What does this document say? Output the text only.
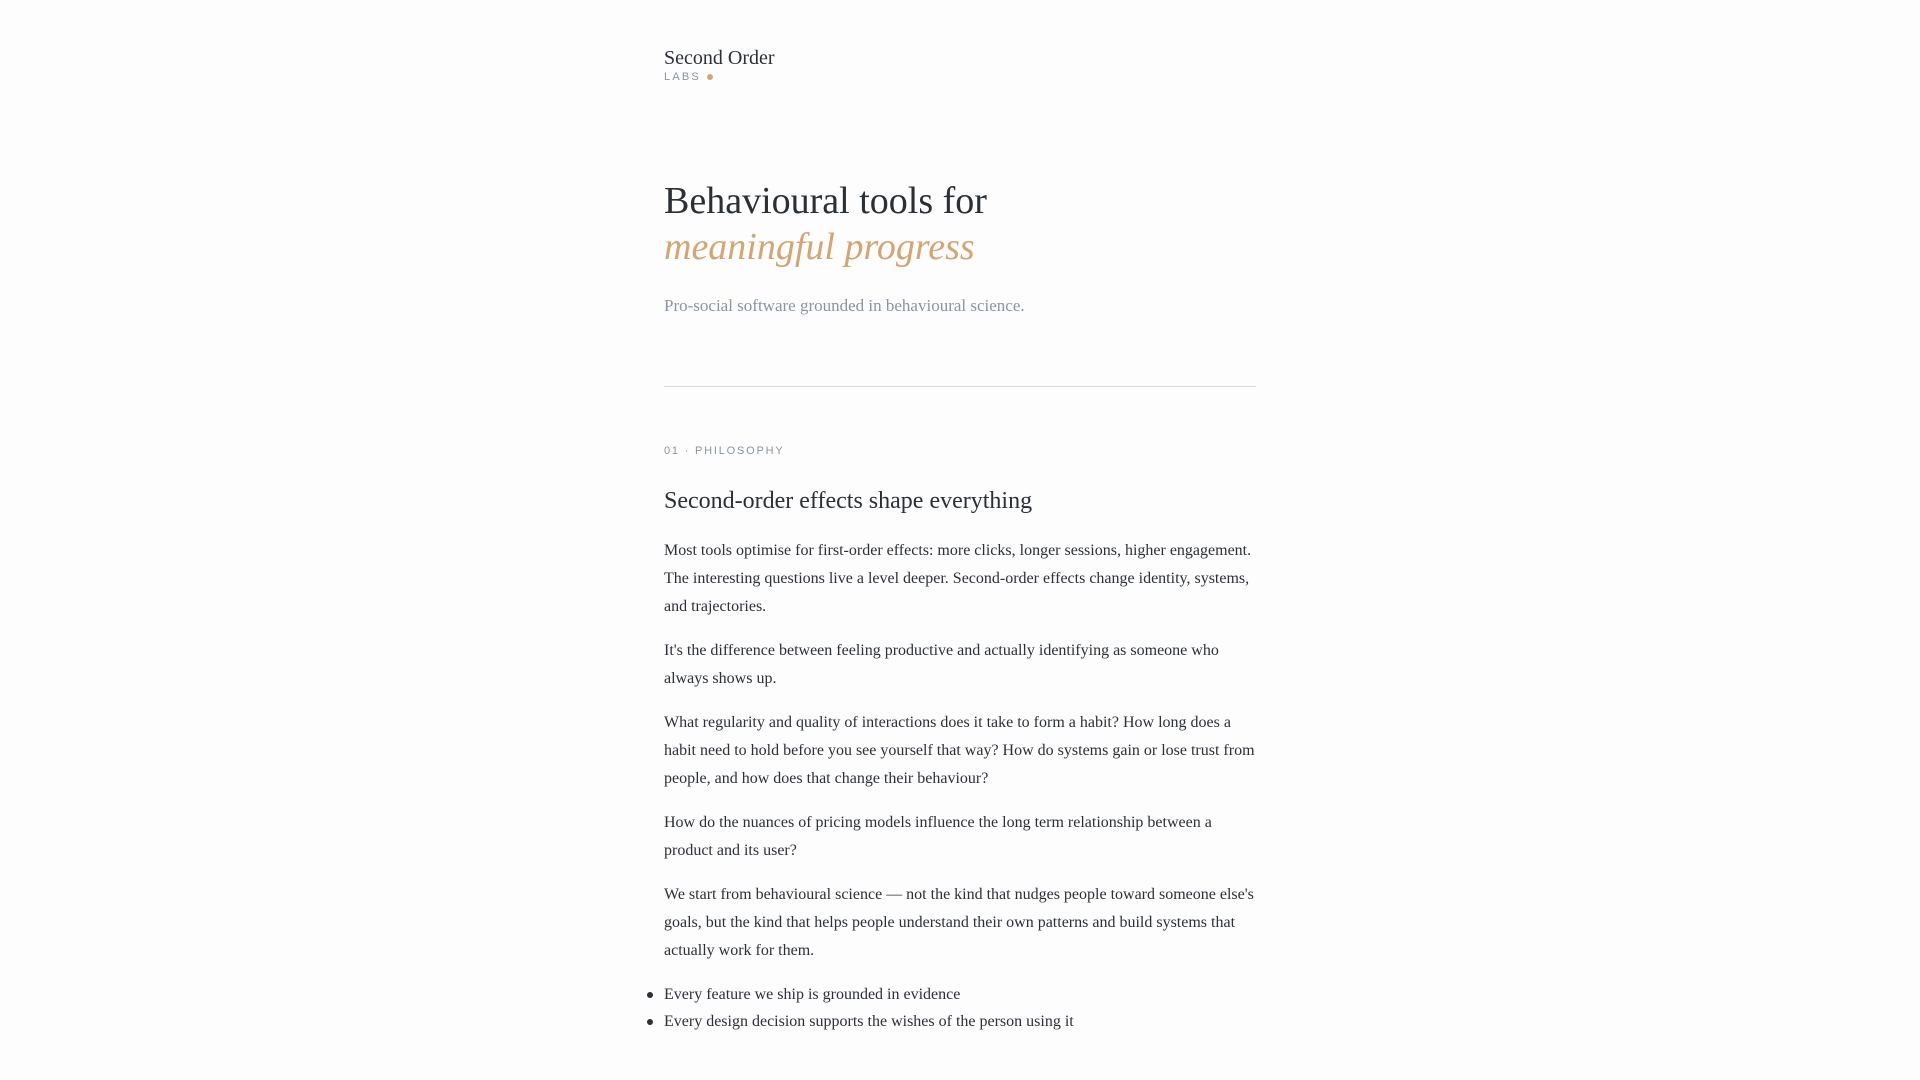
Second Order
LABS
Behavioural tools for
meaningful progress
Pro-social software grounded in behavioural science.
01 · PHILOSOPHY
Second-order effects shape everything

Most tools optimise for first-order effects: more clicks, longer sessions, higher engagement. The interesting questions live a level deeper. Second-order effects change identity, systems, and trajectories.

It's the difference between feeling productive and actually identifying as someone who always shows up.

What regularity and quality of interactions does it take to form a habit? How long does a habit need to hold before you see yourself that way? How do systems gain or lose trust from people, and how does that change their behaviour?

How do the nuances of pricing models influence the long term relationship between a product and its user?

We start from behavioural science — not the kind that nudges people toward someone else's goals, but the kind that helps people understand their own patterns and build systems that actually work for them.

Every feature we ship is grounded in evidence
Every design decision supports the wishes of the person using it
